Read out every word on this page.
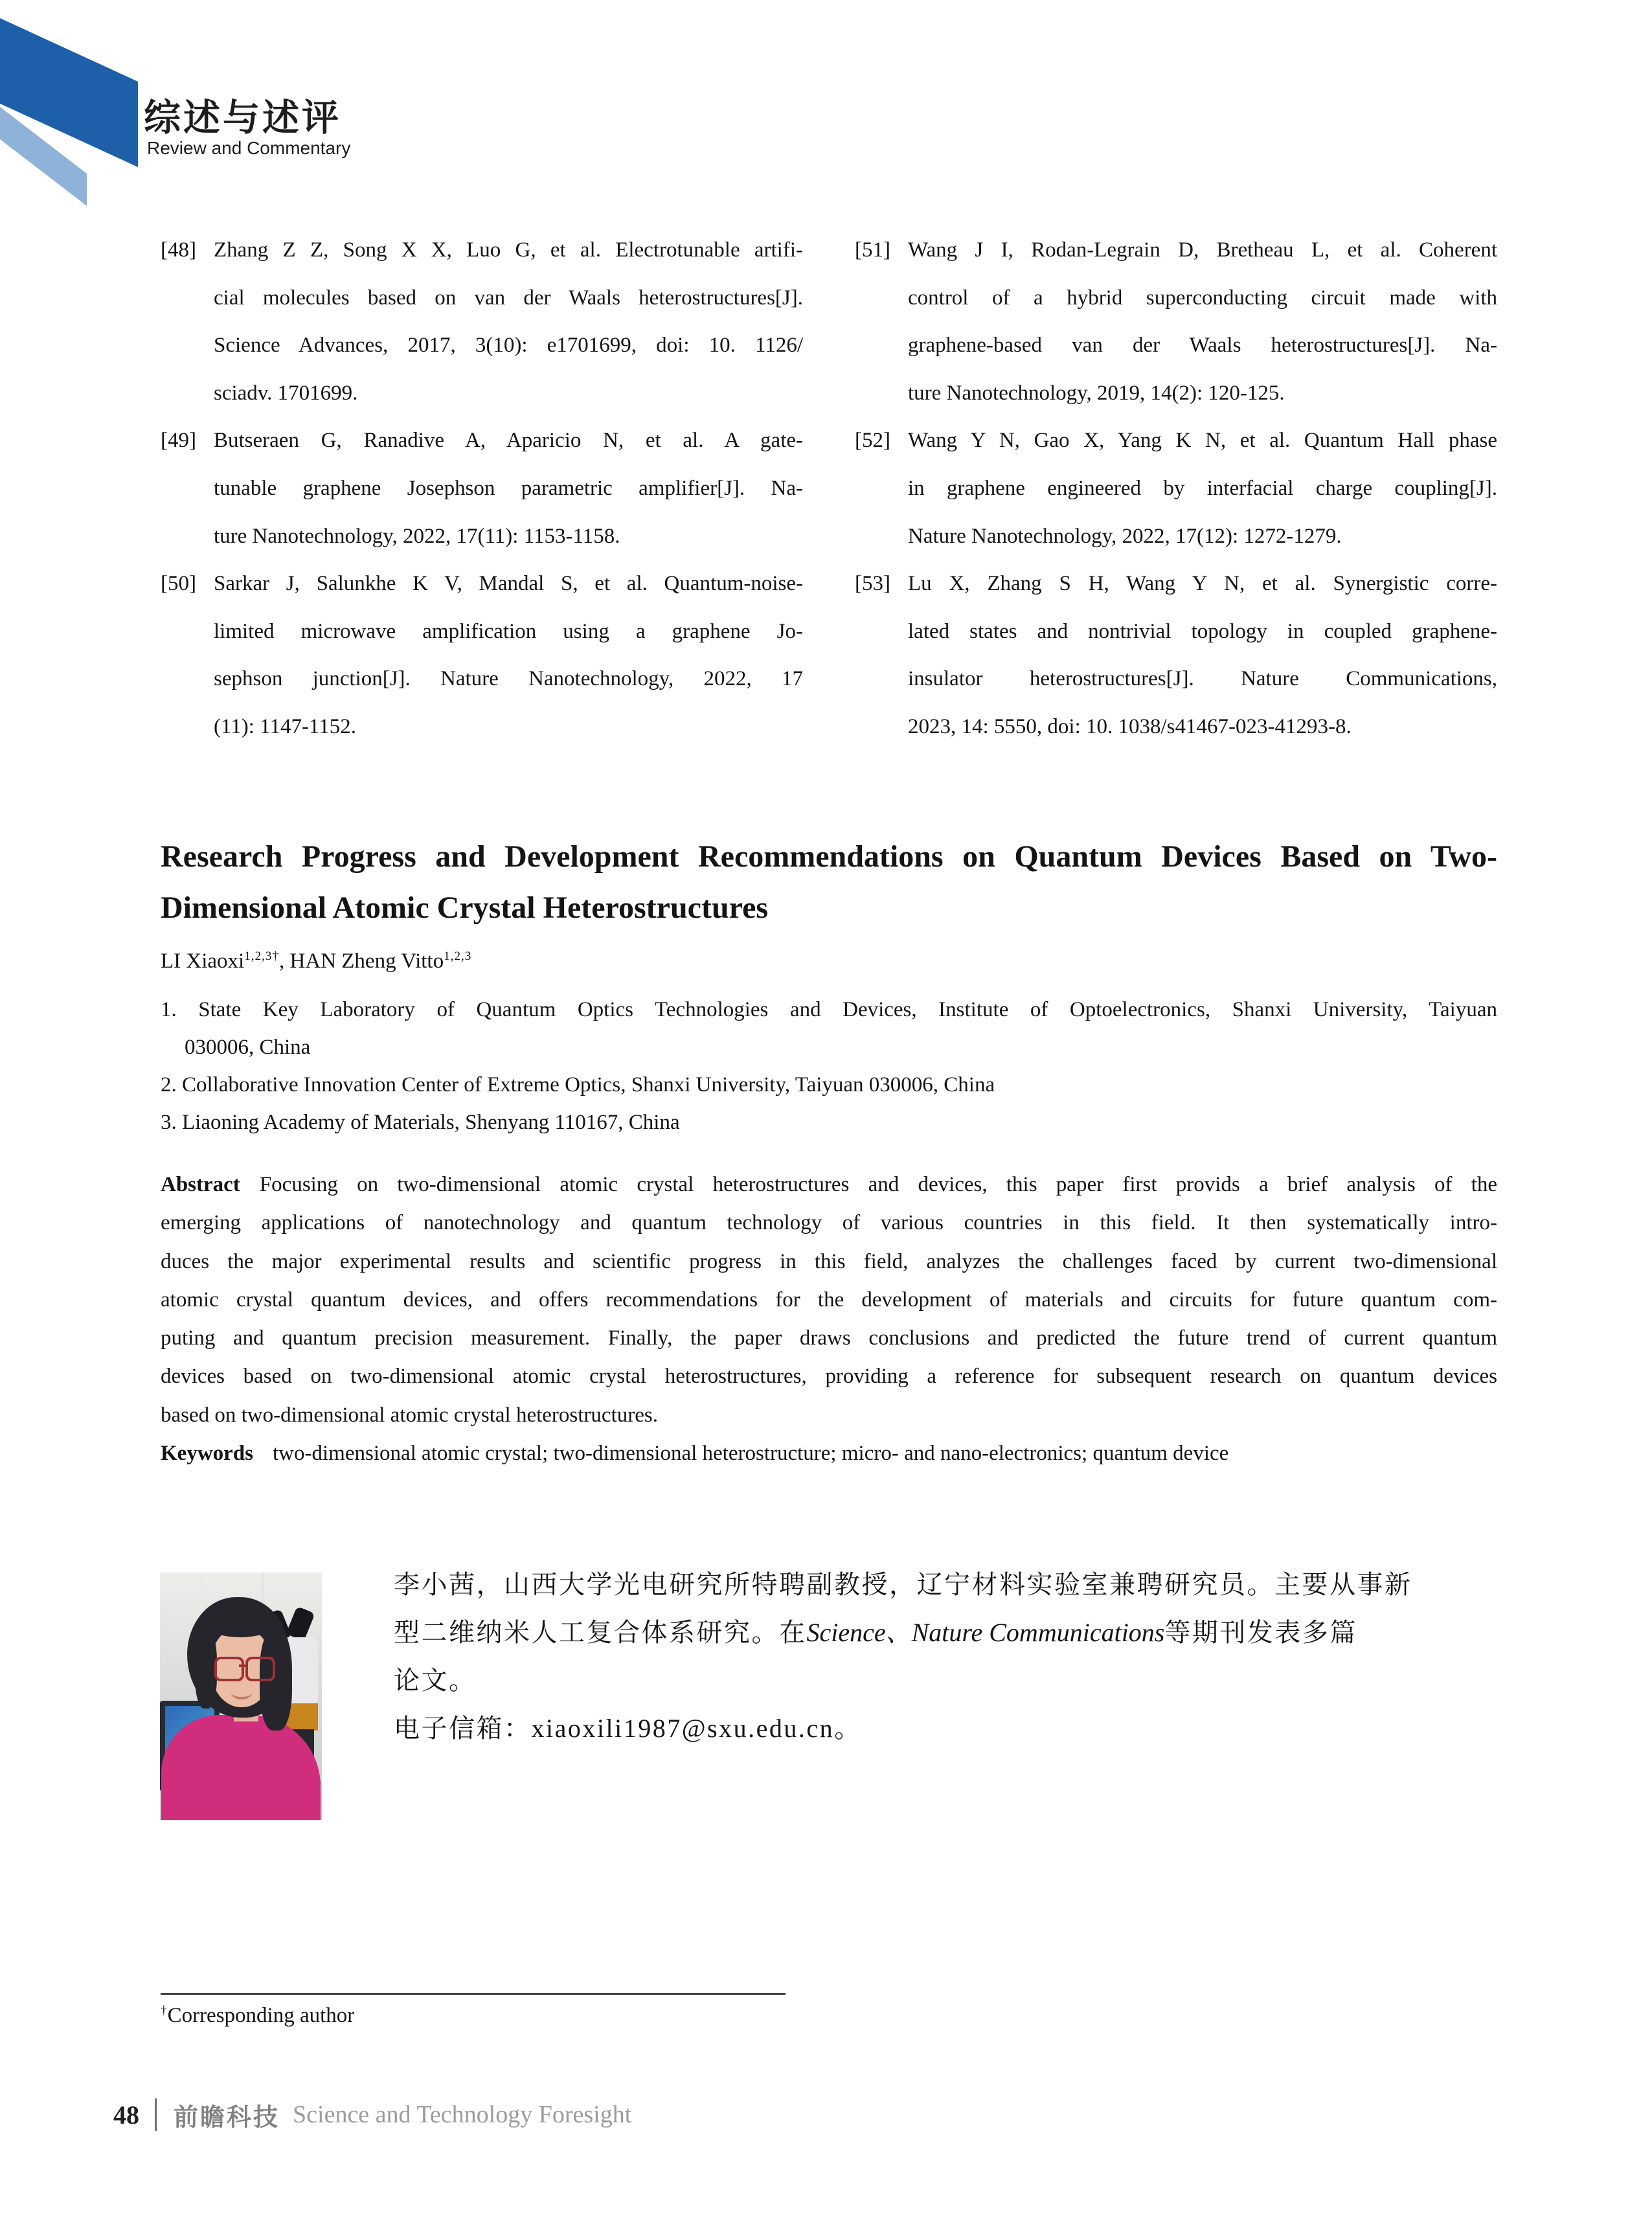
综述与述评
Review and Commentary
[48] Zhang Z Z, Song X X, Luo G, et al. Electrotunable artifi-
cial molecules based on van der Waals heterostructures[J].
Science Advances, 2017, 3(10): e1701699, doi: 10. 1126/
sciadv. 1701699.
[49] Butseraen G, Ranadive A, Aparicio N, et al. A gate-
tunable graphene Josephson parametric amplifier[J]. Na-
ture Nanotechnology, 2022, 17(11): 1153-1158.
[50] Sarkar J, Salunkhe K V, Mandal S, et al. Quantum-noise-
limited microwave amplification using a graphene Jo-
sephson junction[J]. Nature Nanotechnology, 2022, 17
(11): 1147-1152.
[51] Wang J I, Rodan-Legrain D, Bretheau L, et al. Coherent
control of a hybrid superconducting circuit made with
graphene-based van der Waals heterostructures[J]. Na-
ture Nanotechnology, 2019, 14(2): 120-125.
[52] Wang Y N, Gao X, Yang K N, et al. Quantum Hall phase
in graphene engineered by interfacial charge coupling[J].
Nature Nanotechnology, 2022, 17(12): 1272-1279.
[53] Lu X, Zhang S H, Wang Y N, et al. Synergistic corre-
lated states and nontrivial topology in coupled graphene-
insulator heterostructures[J]. Nature Communications,
2023, 14: 5550, doi: 10. 1038/s41467-023-41293-8.
Research Progress and Development Recommendations on Quantum Devices Based on Two-
Dimensional Atomic Crystal Heterostructures
LI Xiaoxi$^{1,2,3\dagger}$, HAN Zheng Vitto$^{1,2,3}$
1. State Key Laboratory of Quantum Optics Technologies and Devices, Institute of Optoelectronics, Shanxi University, Taiyuan
030006, China
2. Collaborative Innovation Center of Extreme Optics, Shanxi University, Taiyuan 030006, China
3. Liaoning Academy of Materials, Shenyang 110167, China
Abstract Focusing on two-dimensional atomic crystal heterostructures and devices, this paper first provids a brief analysis of the
emerging applications of nanotechnology and quantum technology of various countries in this field. It then systematically intro-
duces the major experimental results and scientific progress in this field, analyzes the challenges faced by current two-dimensional
atomic crystal quantum devices, and offers recommendations for the development of materials and circuits for future quantum com-
puting and quantum precision measurement. Finally, the paper draws conclusions and predicted the future trend of current quantum
devices based on two-dimensional atomic crystal heterostructures, providing a reference for subsequent research on quantum devices
based on two-dimensional atomic crystal heterostructures.
Keywords two-dimensional atomic crystal; two-dimensional heterostructure; micro- and nano-electronics; quantum device
李小茜，山西大学光电研究所特聘副教授，辽宁材料实验室兼聘研究员。主要从事新
型二维纳米人工复合体系研究。在Science、Nature Communications等期刊发表多篇
论文。
电子信箱：xiaoxili1987@sxu.edu.cn。
†Corresponding author
48 前瞻科技 Science and Technology Foresight
